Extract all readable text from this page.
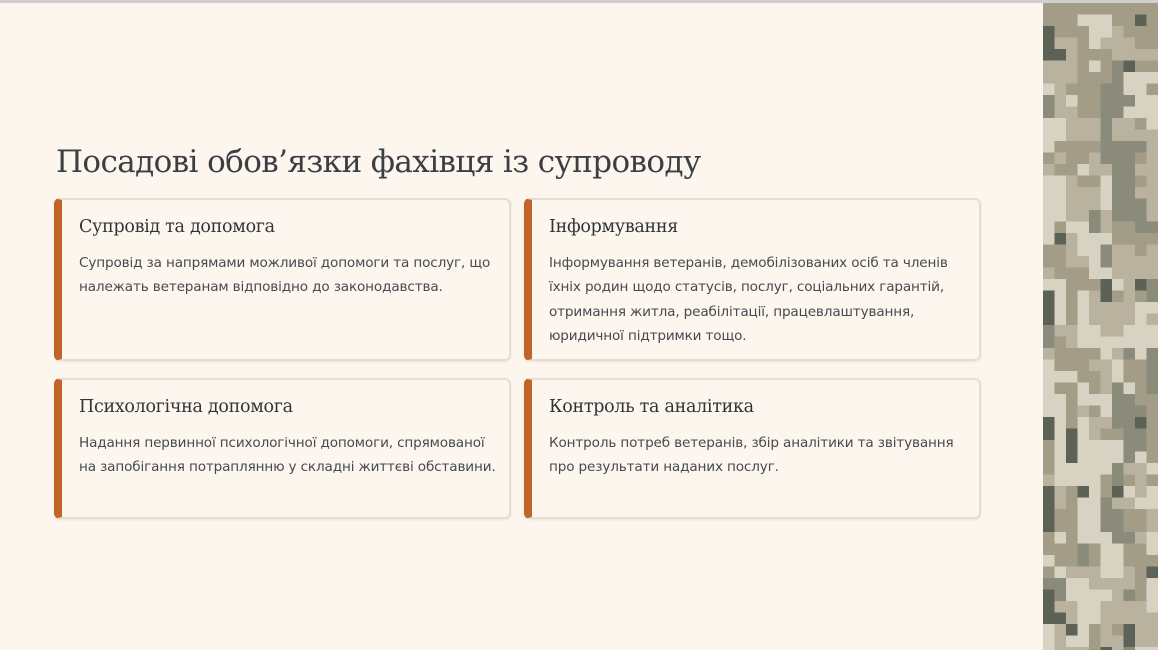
Посадові обов’язки фахівця із супроводу
Супровід та допомога
Супровід за напрямами можливої допомоги та послуг, що належать ветеранам відповідно до законодавства.
Інформування
Інформування ветеранів, демобілізованих осіб та членів їхніх родин щодо статусів, послуг, соціальних гарантій, отримання житла, реабілітації, працевлаштування, юридичної підтримки тощо.
Психологічна допомога
Надання первинної психологічної допомоги, спрямованої на запобігання потраплянню у складні життєві обставини.
Контроль та аналітика
Контроль потреб ветеранів, збір аналітики та звітування про результати наданих послуг.
